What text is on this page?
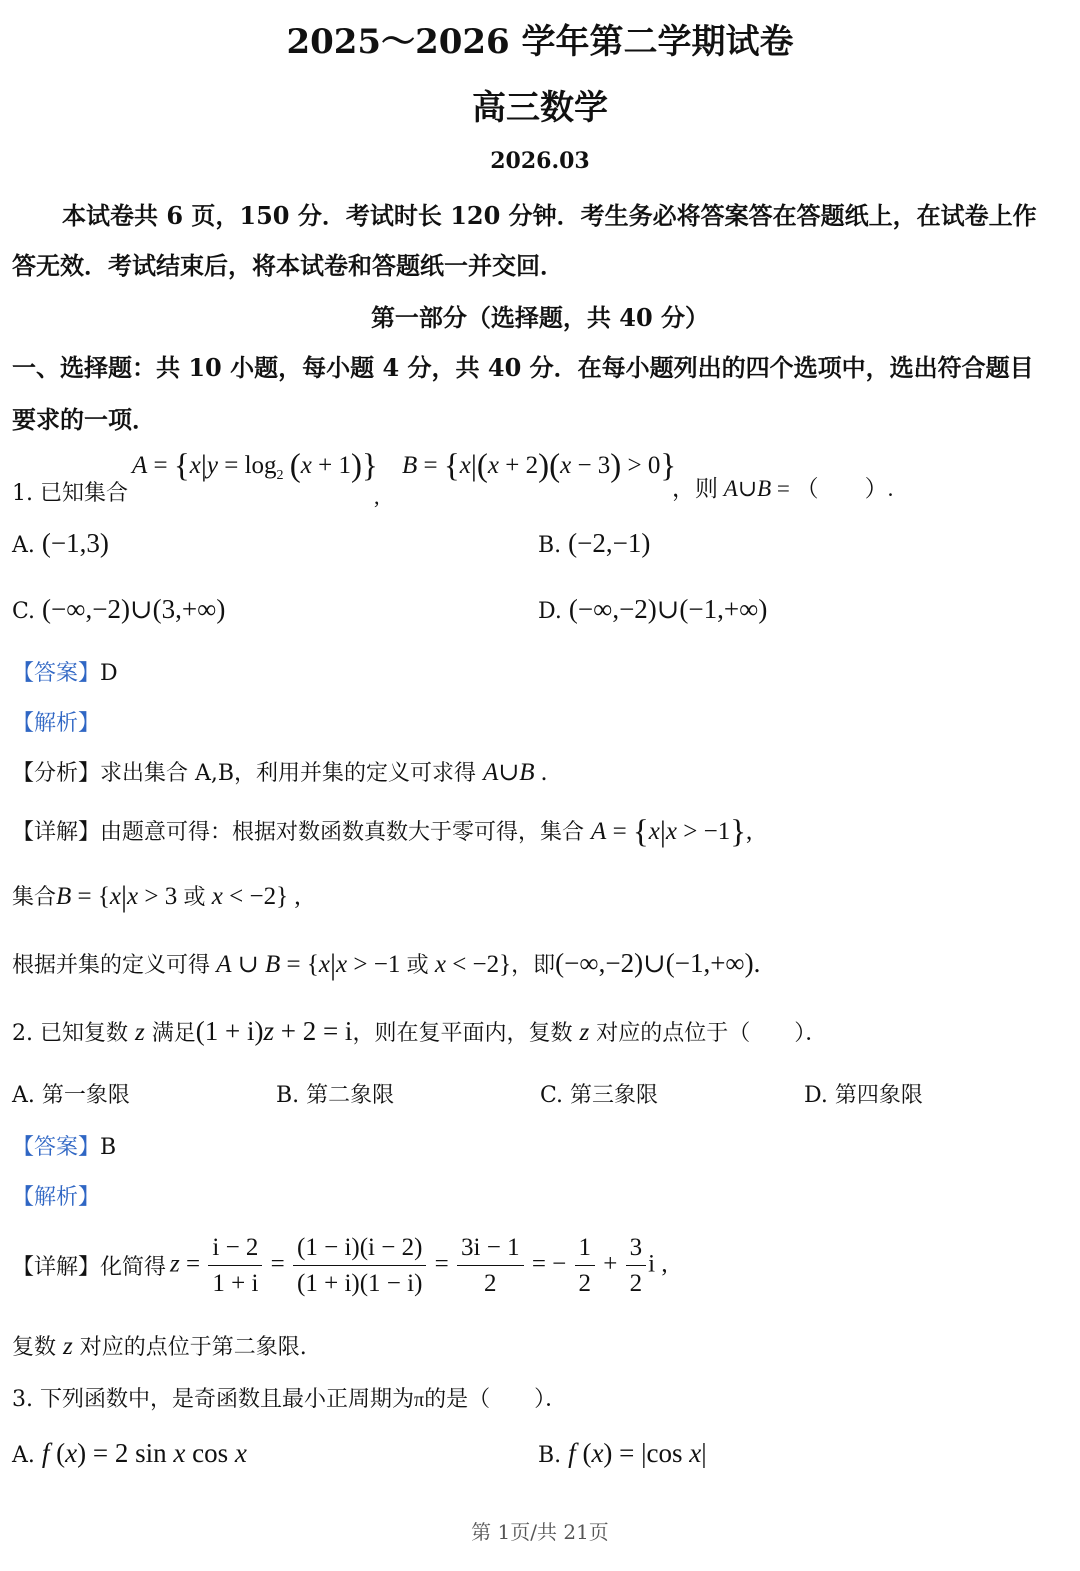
2025～2026 学年第二学期试卷
高三数学
2026.03
本试卷共 6 页，150 分．考试时长 120 分钟．考生务必将答案答在答题纸上，在试卷上作
答无效．考试结束后，将本试卷和答题纸一并交回．
第一部分（选择题，共 40 分）
一、选择题：共 10 小题，每小题 4 分，共 40 分．在每小题列出的四个选项中，选出符合题目
要求的一项．
1. 已知集合
$A = \{x|y = \log_2 (x + 1)\}$
,
B = {x|(x + 2)(x − 3) > 0}
，则 A∪B = （　　）.
A. (−1,3)	B. (−2,−1)
C. (−∞,−2)∪(3,+∞)	D. (−∞,−2)∪(−1,+∞)
【答案】D
【解析】
【分析】求出集合 A,B，利用并集的定义可求得 A∪B .
【详解】由题意可得：根据对数函数真数大于零可得，集合 A = {x|x > −1},
集合B = {x|x > 3 或 x < −2} ,
根据并集的定义可得 A ∪ B = {x|x > −1 或 x < −2}，即(−∞,−2)∪(−1,+∞).
2. 已知复数 z 满足(1 + i)z + 2 = i，则在复平面内，复数 z 对应的点位于（　　）．
A. 第一象限	B. 第二象限	C. 第三象限	D. 第四象限
【答案】B
【解析】
【详解】 化简得 $z = \frac{i - 2}{1 + i} = \frac{(1 - i)(i - 2)}{(1 + i)(1 - i)} = \frac{3i - 1}{2}$ = − $\frac{1}{2} + \frac{3}{2}$ i ,
复数 z 对应的点位于第二象限.
3. 下列函数中，是奇函数且最小正周期为π的是（　　）．
A. f (x) = 2 sin x cos x	B. f (x) = |cos x|
第 1页/共 21页
